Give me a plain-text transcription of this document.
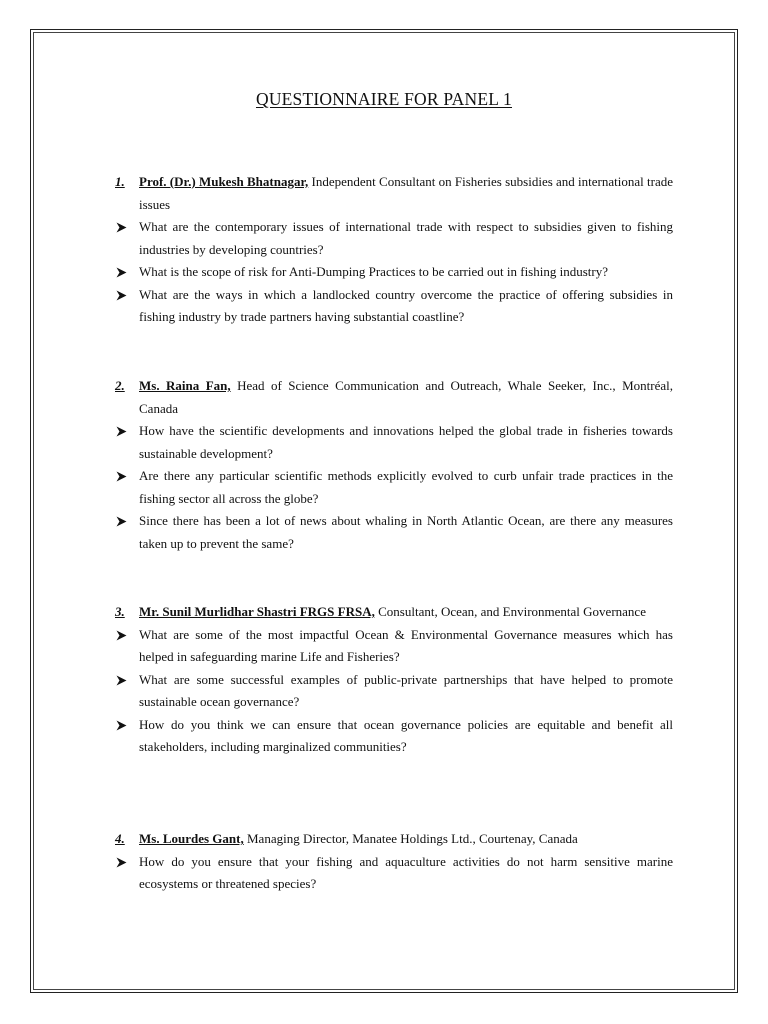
QUESTIONNAIRE FOR PANEL 1
1. Prof. (Dr.) Mukesh Bhatnagar, Independent Consultant on Fisheries subsidies and international trade issues
What are the contemporary issues of international trade with respect to subsidies given to fishing industries by developing countries?
What is the scope of risk for Anti-Dumping Practices to be carried out in fishing industry?
What are the ways in which a landlocked country overcome the practice of offering subsidies in fishing industry by trade partners having substantial coastline?
2. Ms. Raina Fan, Head of Science Communication and Outreach, Whale Seeker, Inc., Montréal, Canada
How have the scientific developments and innovations helped the global trade in fisheries towards sustainable development?
Are there any particular scientific methods explicitly evolved to curb unfair trade practices in the fishing sector all across the globe?
Since there has been a lot of news about whaling in North Atlantic Ocean, are there any measures taken up to prevent the same?
3. Mr. Sunil Murlidhar Shastri FRGS FRSA, Consultant, Ocean, and Environmental Governance
What are some of the most impactful Ocean & Environmental Governance measures which has helped in safeguarding marine Life and Fisheries?
What are some successful examples of public-private partnerships that have helped to promote sustainable ocean governance?
How do you think we can ensure that ocean governance policies are equitable and benefit all stakeholders, including marginalized communities?
4. Ms. Lourdes Gant, Managing Director, Manatee Holdings Ltd., Courtenay, Canada
How do you ensure that your fishing and aquaculture activities do not harm sensitive marine ecosystems or threatened species?
